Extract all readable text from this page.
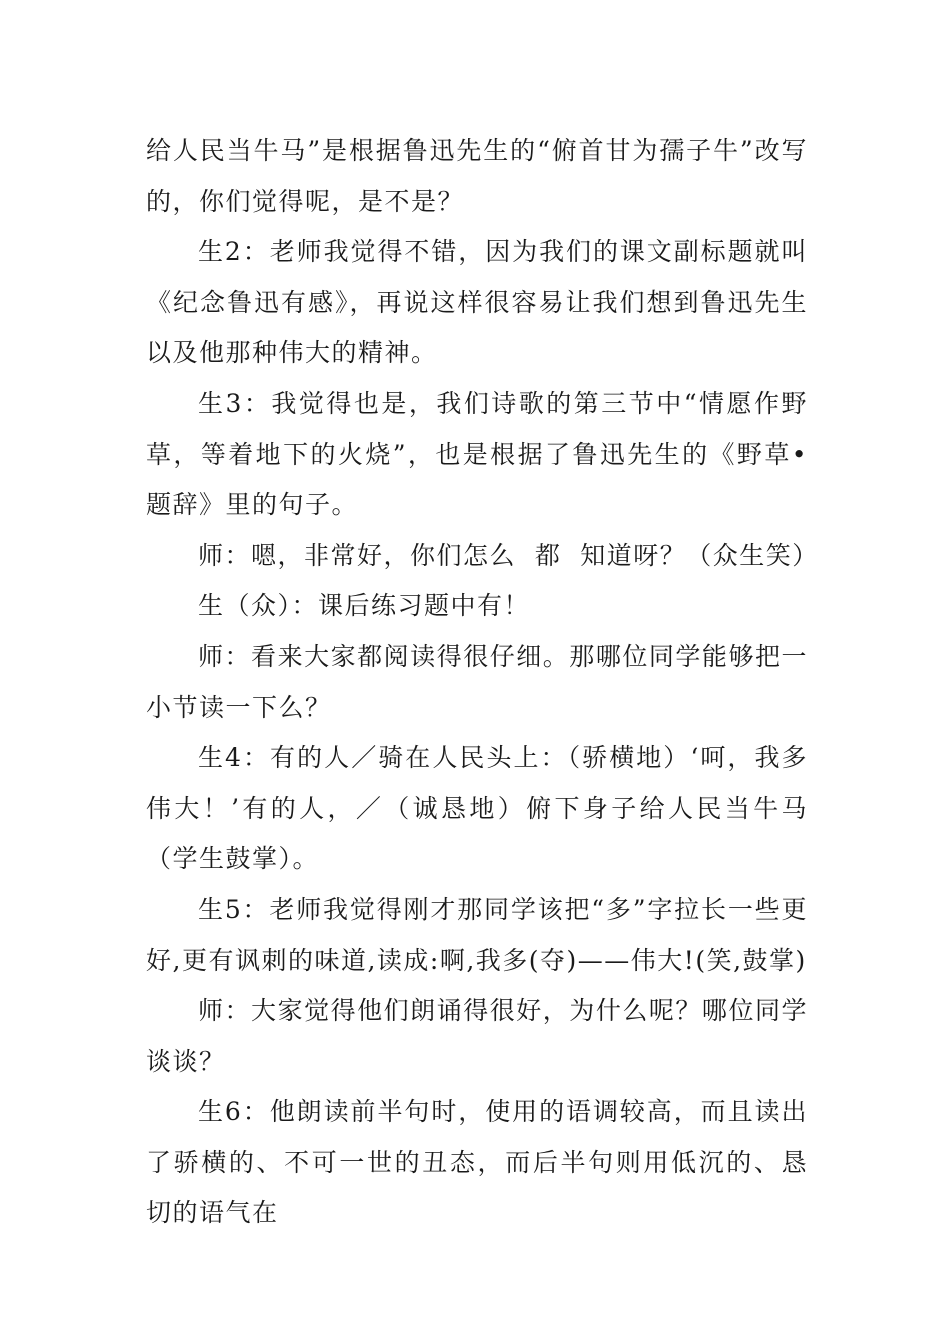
给人民当牛马”是根据鲁迅先生的“俯首甘为孺子牛”改写的，你们觉得呢，是不是？

生2：老师我觉得不错，因为我们的课文副标题就叫《纪念鲁迅有感》，再说这样很容易让我们想到鲁迅先生以及他那种伟大的精神。

生3：我觉得也是，我们诗歌的第三节中“情愿作野草，等着地下的火烧”，也是根据了鲁迅先生的《野草•题辞》里的句子。

师：嗯，非常好，你们怎么  都  知道呀？（众生笑）

生（众）：课后练习题中有！

师：看来大家都阅读得很仔细。那哪位同学能够把一小节读一下么？

生4：有的人／骑在人民头上：（骄横地）‘呵，我多伟大！’有的人，／（诚恳地）俯下身子给人民当牛马（学生鼓掌）。

生5：老师我觉得刚才那同学该把“多”字拉长一些更好,更有讽刺的味道,读成:啊,我多(夺)——伟大!(笑,鼓掌)

师：大家觉得他们朗诵得很好，为什么呢？哪位同学谈谈？

生6：他朗读前半句时，使用的语调较高，而且读出了骄横的、不可一世的丑态，而后半句则用低沉的、恳切的语气在
